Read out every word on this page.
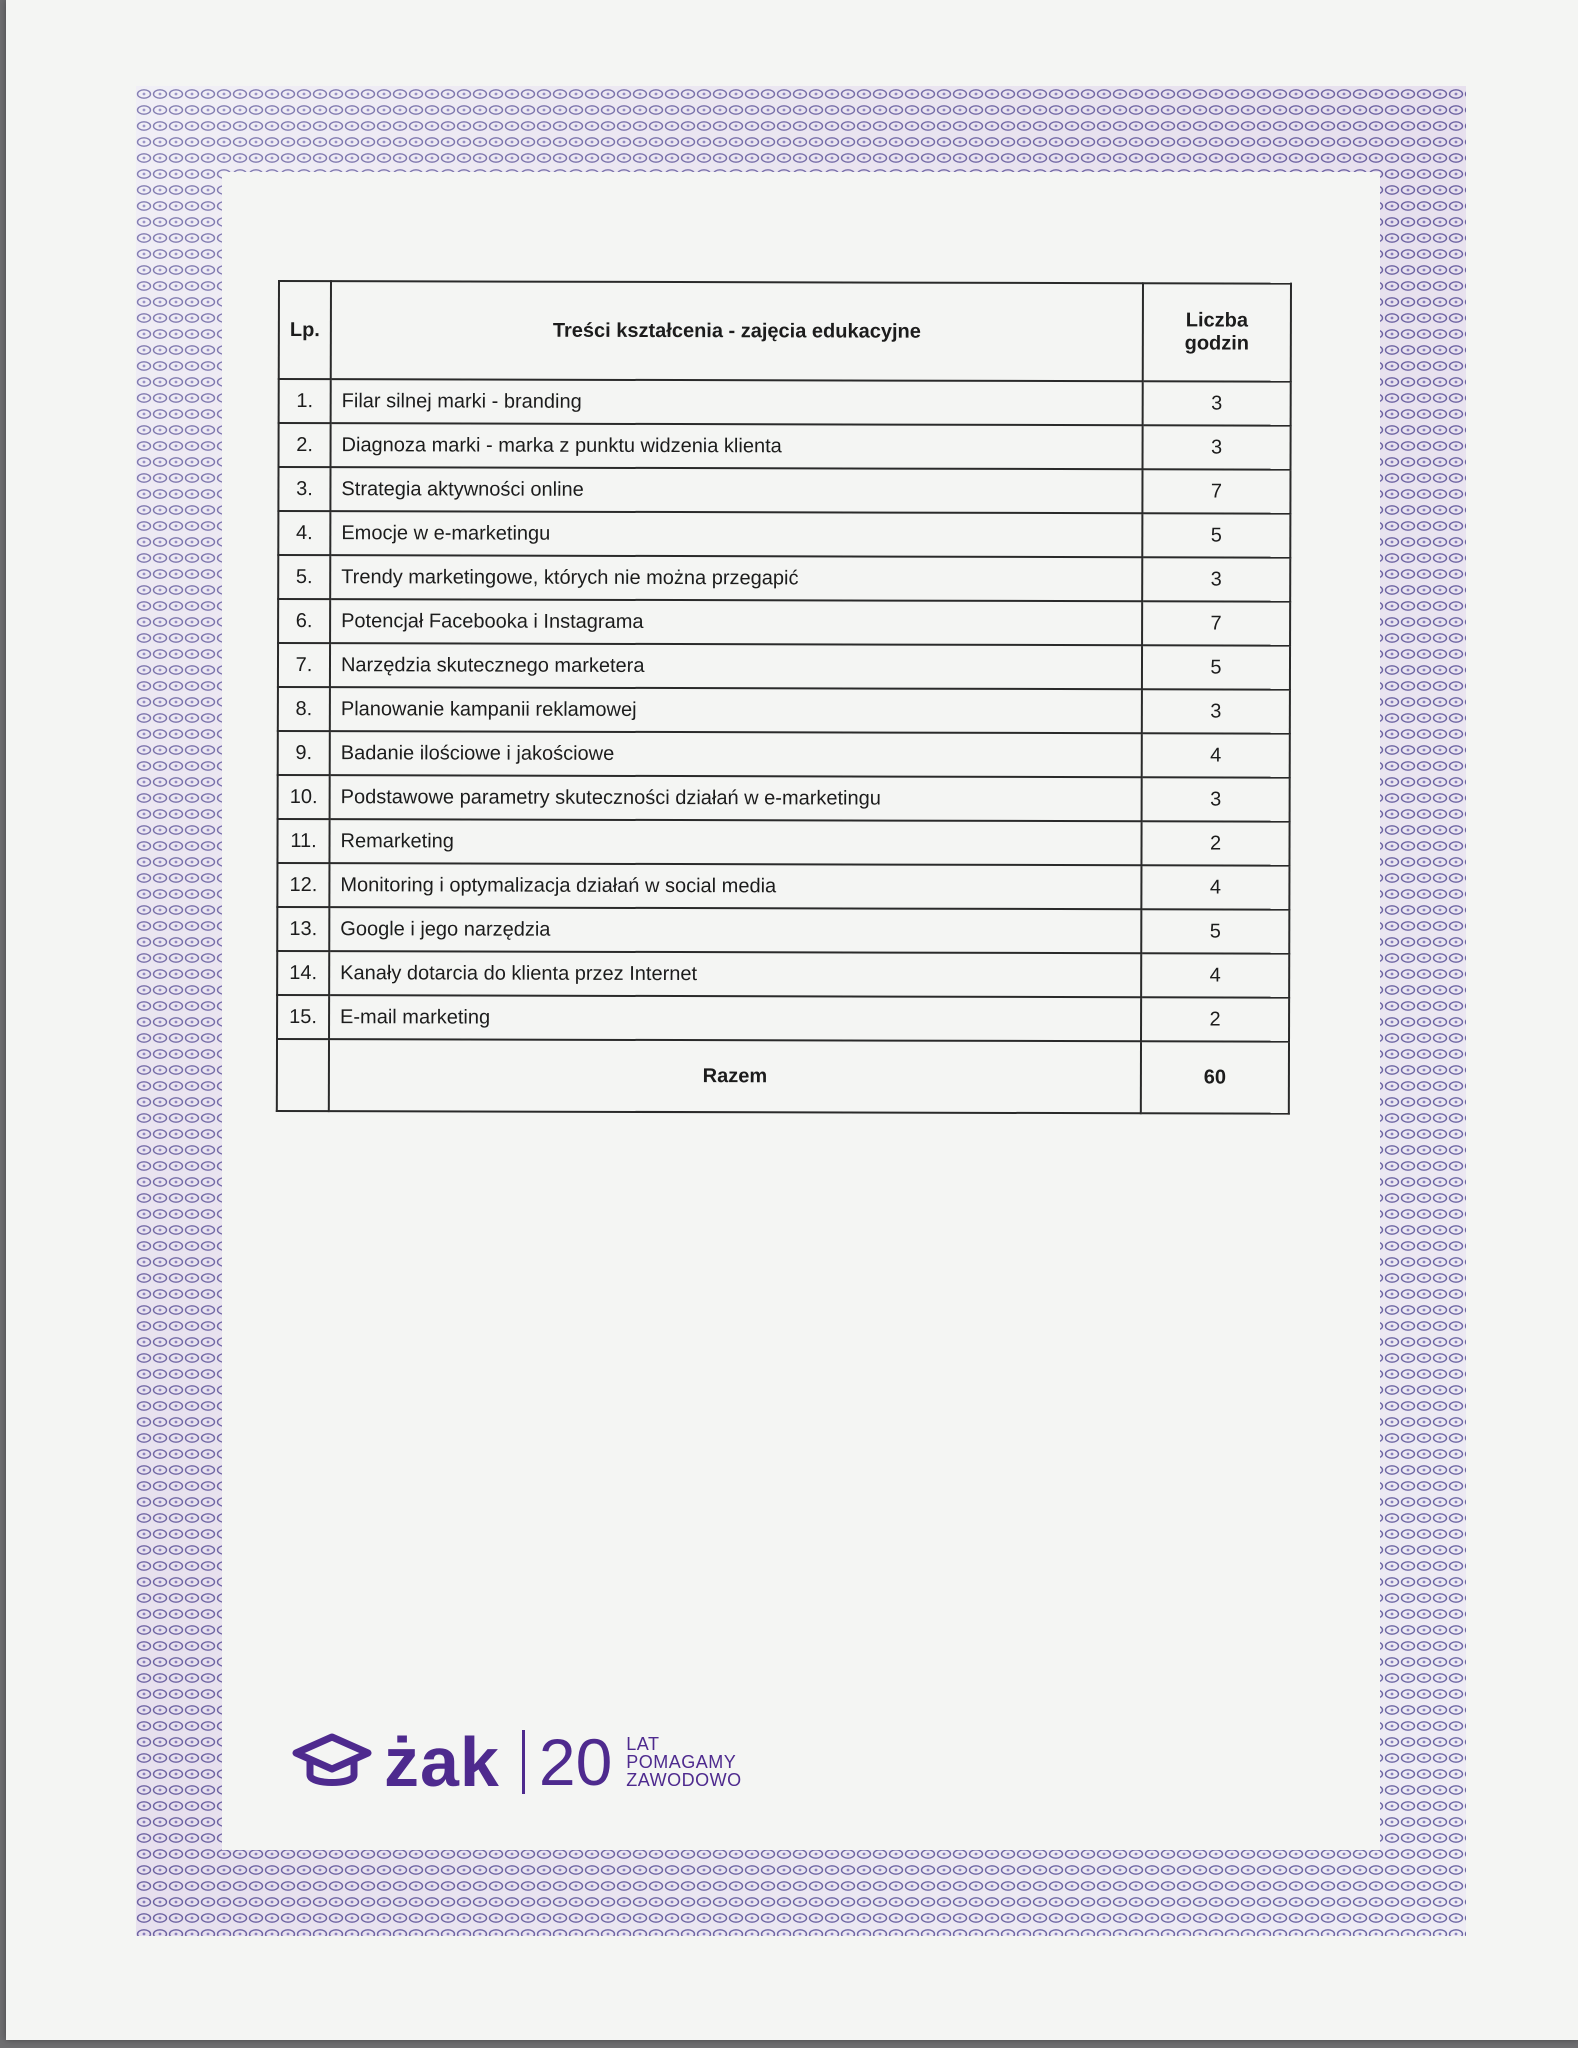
Lp.	Treści kształcenia - zajęcia edukacyjne	Liczba godzin
1.	Filar silnej marki - branding	3
2.	Diagnoza marki - marka z punktu widzenia klienta	3
3.	Strategia aktywności online	7
4.	Emocje w e-marketingu	5
5.	Trendy marketingowe, których nie można przegapić	3
6.	Potencjał Facebooka i Instagrama	7
7.	Narzędzia skutecznego marketera	5
8.	Planowanie kampanii reklamowej	3
9.	Badanie ilościowe i jakościowe	4
10.	Podstawowe parametry skuteczności działań w e-marketingu	3
11.	Remarketing	2
12.	Monitoring i optymalizacja działań w social media	4
13.	Google i jego narzędzia	5
14.	Kanały dotarcia do klienta przez Internet	4
15.	E-mail marketing	2
	Razem	60
żak 20 LAT
POMAGAMY
ZAWODOWO
